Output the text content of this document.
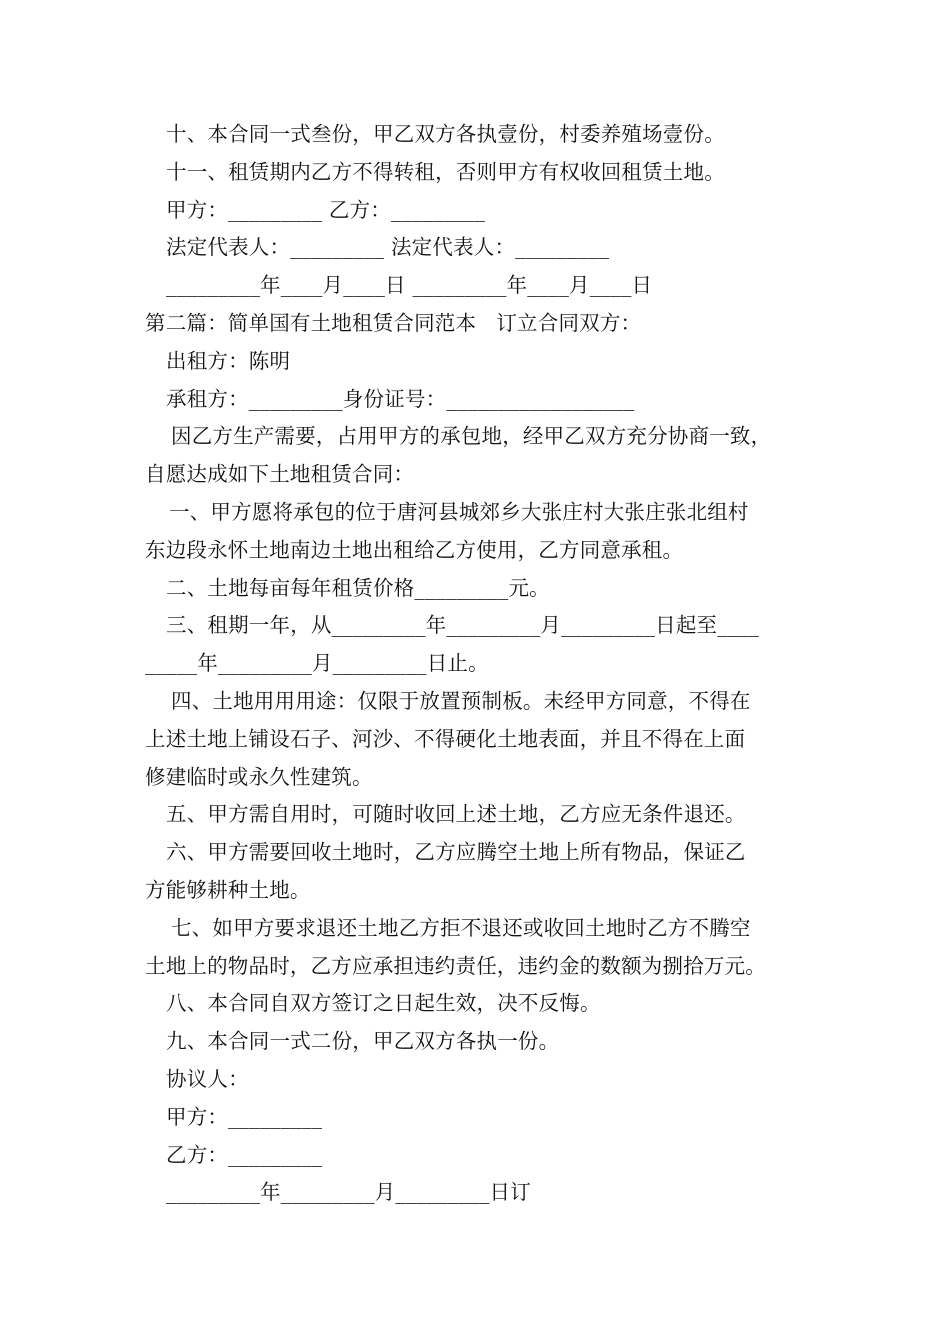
十、本合同一式叁份，甲乙双方各执壹份，村委养殖场壹份。
十一、租赁期内乙方不得转租，否则甲方有权收回租赁土地。
甲方：_________ 乙方：_________
法定代表人：_________ 法定代表人：_________
_________年____月____日 _________年____月____日
第二篇：简单国有土地租赁合同范本   订立合同双方：
出租方：陈明
承租方：_________身份证号：__________________
因乙方生产需要，占用甲方的承包地，经甲乙双方充分协商一致，
自愿达成如下土地租赁合同：
一、甲方愿将承包的位于唐河县城郊乡大张庄村大张庄张北组村
东边段永怀土地南边土地出租给乙方使用，乙方同意承租。
二、土地每亩每年租赁价格_________元。
三、租期一年，从_________年_________月_________日起至____
_____年_________月_________日止。
四、土地用用用途：仅限于放置预制板。未经甲方同意，不得在
上述土地上铺设石子、河沙、不得硬化土地表面，并且不得在上面
修建临时或永久性建筑。
五、甲方需自用时，可随时收回上述土地，乙方应无条件退还。
六、甲方需要回收土地时，乙方应腾空土地上所有物品，保证乙
方能够耕种土地。
七、如甲方要求退还土地乙方拒不退还或收回土地时乙方不腾空
土地上的物品时，乙方应承担违约责任，违约金的数额为捌拾万元。
八、本合同自双方签订之日起生效，决不反悔。
九、本合同一式二份，甲乙双方各执一份。
协议人：
甲方：_________
乙方：_________
_________年_________月_________日订
